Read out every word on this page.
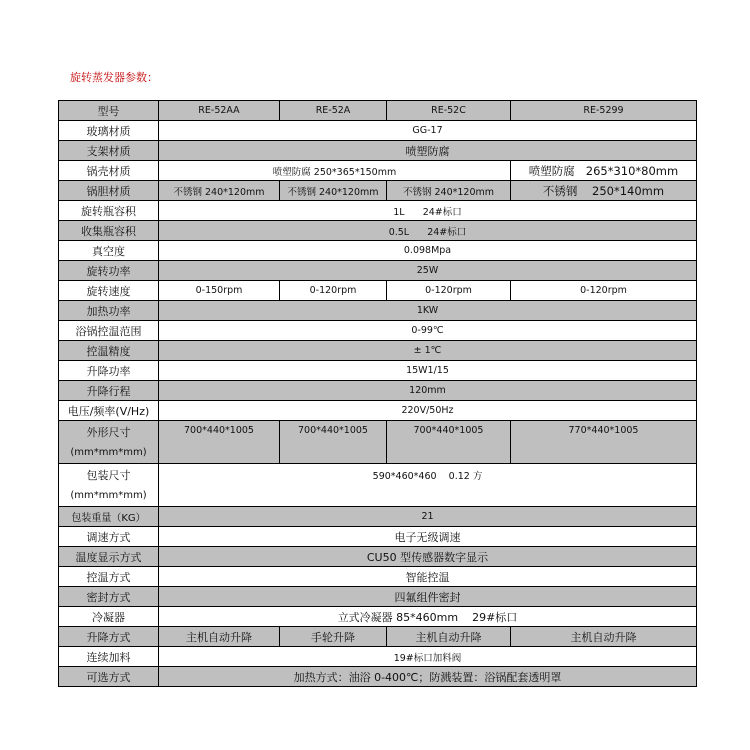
旋转蒸发器参数：
型号	RE-52AA	RE-52A	RE-52C	RE-5299
玻璃材质	GG-17			
支架材质	喷塑防腐			
锅壳材质	喷塑防腐 250*365*150mm			喷塑防腐 265*310*80mm
锅胆材质	不锈钢 240*120mm	不锈钢 240*120mm	不锈钢 240*120mm	不锈钢 250*140mm
旋转瓶容积	1L      24#标口			
收集瓶容积	0.5L      24#标口			
真空度	0.098Mpa			
旋转功率	25W			
旋转速度	0-150rpm	0-120rpm	0-120rpm	0-120rpm
加热功率	1KW			
浴锅控温范围	0-99℃			
控温精度	± 1℃			
升降功率	15W1/15			
升降行程	120mm			
电压/频率(V/Hz)	220V/50Hz			
外形尺寸
(mm*mm*mm)	700*440*1005	700*440*1005	700*440*1005	770*440*1005
包装尺寸
(mm*mm*mm)	590*460*460    0.12 方			
包装重量（KG）	21			
调速方式	电子无级调速			
温度显示方式	CU50 型传感器数字显示			
控温方式	智能控温			
密封方式	四氟组件密封			
冷凝器	立式冷凝器 85*460mm    29#标口			
升降方式	主机自动升降	手轮升降	主机自动升降	主机自动升降
连续加料	19#标口加料阀			
可选方式	加热方式：油浴 0-400℃；防溅装置：浴锅配套透明罩			
